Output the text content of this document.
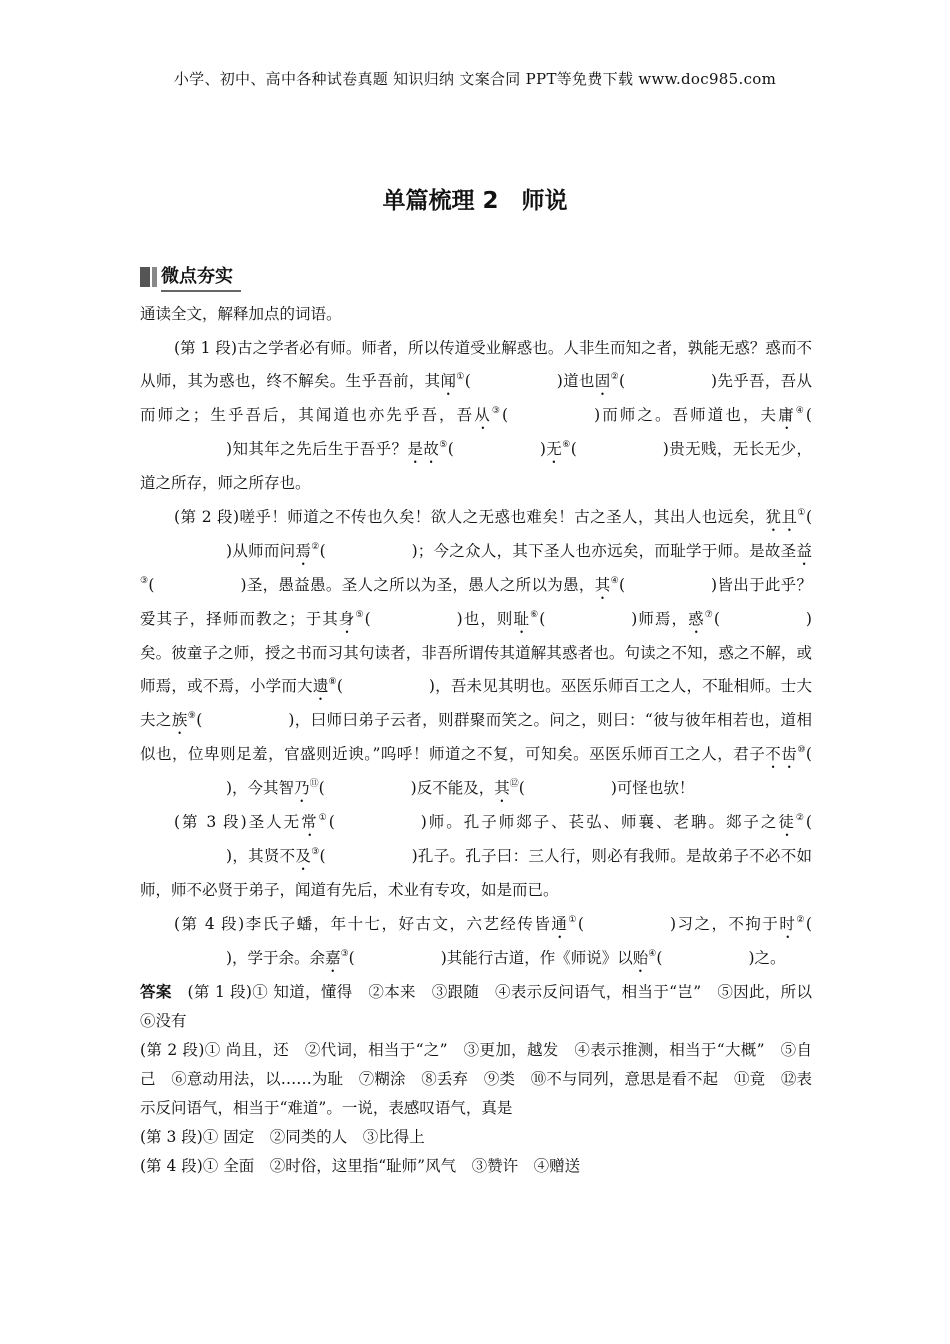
小学、初中、高中各种试卷真题 知识归纳 文案合同 PPT等免费下载 www.doc985.com
单篇梳理 2　师说
微点夯实

通读全文，解释加点的词语。

(第 1 段)古之学者必有师。师者，所以传道受业解惑也。人非生而知之者，孰能无惑？惑而不从师，其为惑也，终不解矣。生乎吾前，其闻①(	)道也固②(	)先乎吾，吾从而师之；生乎吾后，其闻道也亦先乎吾，吾从③(	)而师之。吾师道也，夫庸④()知其年之先后生于吾乎？是故⑤(	)无⑥(	)贵无贱，无长无少，道之所存，师之所存也。

(第 2 段)嗟乎！师道之不传也久矣！欲人之无惑也难矣！古之圣人，其出人也远矣，犹且①()从师而问焉②(	)；今之众人，其下圣人也亦远矣，而耻学于师。是故圣益③(	)圣，愚益愚。圣人之所以为圣，愚人之所以为愚，其④(	)皆出于此乎？爱其子，择师而教之；于其身⑤(	)也，则耻⑥(	)师焉，惑⑦(	)矣。彼童子之师，授之书而习其句读者，非吾所谓传其道解其惑者也。句读之不知，惑之不解，或师焉，或不焉，小学而大遗⑧(	)，吾未见其明也。巫医乐师百工之人，不耻相师。士大夫之族⑨(	)，曰师曰弟子云者，则群聚而笑之。问之，则曰：“彼与彼年相若也，道相似也，位卑则足羞，官盛则近谀。”呜呼！师道之不复，可知矣。巫医乐师百工之人，君子不齿⑩()，今其智乃⑪(	)反不能及，其⑫(	)可怪也欤！

(第 3 段)圣人无常①(	)师。孔子师郯子、苌弘、师襄、老聃。郯子之徒②()，其贤不及③(	)孔子。孔子曰：三人行，则必有我师。是故弟子不必不如师，师不必贤于弟子，闻道有先后，术业有专攻，如是而已。

(第 4 段)李氏子蟠，年十七，好古文，六艺经传皆通①(	)习之，不拘于时②()，学于余。余嘉③(	)其能行古道，作《师说》以贻④(	)之。

答案　 (第 1 段)① 知道，懂得　②本来　③跟随　④表示反问语气，相当于“岂”　⑤因此，所以　⑥没有

(第 2 段)① 尚且，还　②代词，相当于“之”　③更加，越发　④表示推测，相当于“大概”　⑤自己　⑥意动用法，以……为耻　⑦糊涂　⑧丢弃　⑨类　⑩不与同列，意思是看不起　⑪竟　⑫表示反问语气，相当于“难道”。一说，表感叹语气，真是

(第 3 段)① 固定　②同类的人　③比得上

(第 4 段)① 全面　②时俗，这里指“耻师”风气　③赞许　④赠送
